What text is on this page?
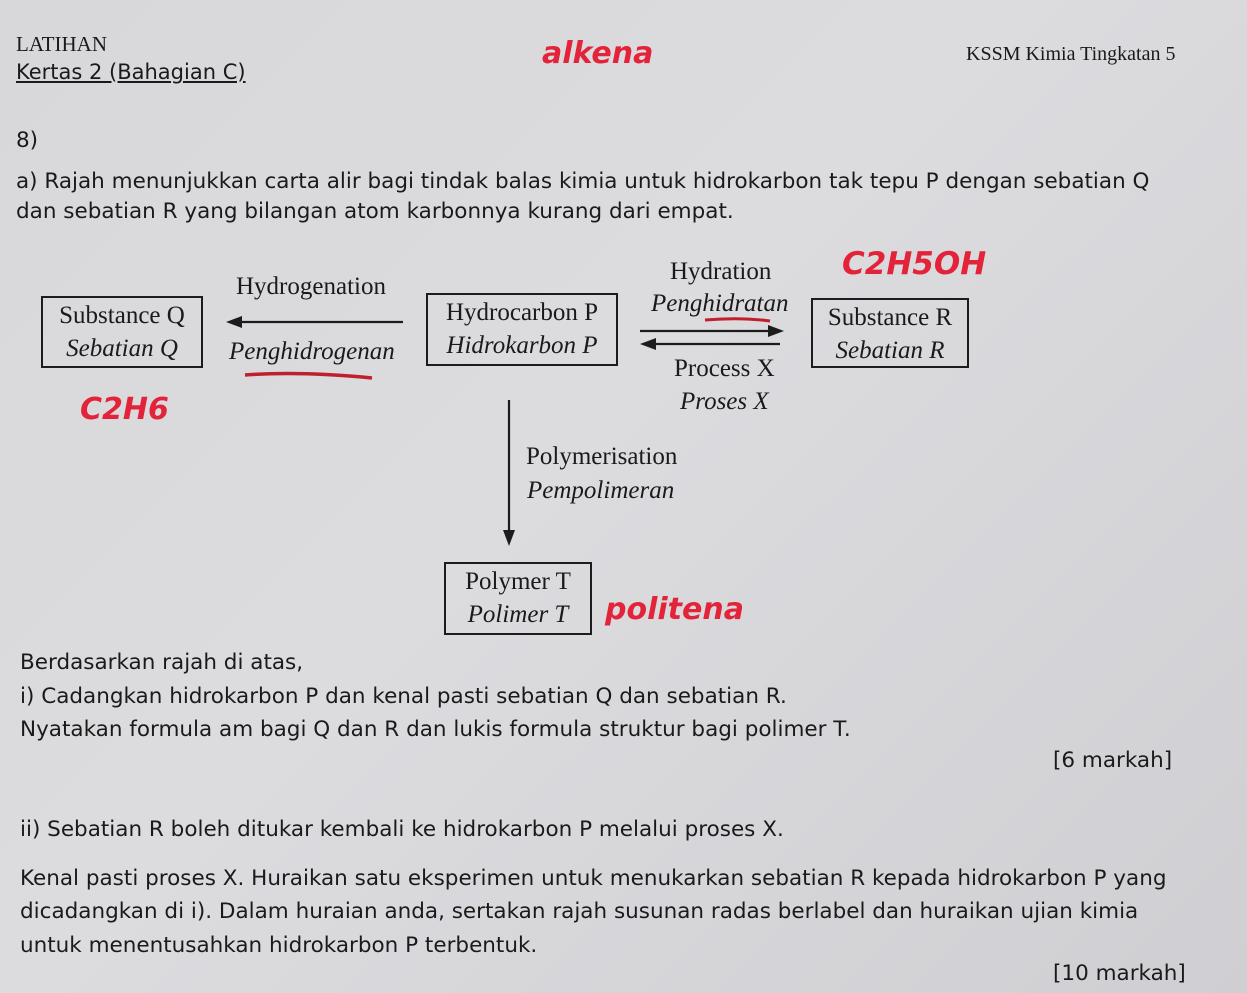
LATIHAN
Kertas 2 (Bahagian C)
KSSM Kimia Tingkatan 5
alkena
8)
a) Rajah menunjukkan carta alir bagi tindak balas kimia untuk hidrokarbon tak tepu P dengan sebatian Q
dan sebatian R yang bilangan atom karbonnya kurang dari empat.
Substance Q
Sebatian Q
Hydrocarbon P
Hidrokarbon P
Substance R
Sebatian R
Polymer T
Polimer T
Hydrogenation
Penghidrogenan
Hydration
Penghidratan
Process X
Proses X
Polymerisation
Pempolimeran
C2H5OH
C2H6
politena
Berdasarkan rajah di atas,
i) Cadangkan hidrokarbon P dan kenal pasti sebatian Q dan sebatian R.
Nyatakan formula am bagi Q dan R dan lukis formula struktur bagi polimer T.
[6 markah]
ii) Sebatian R boleh ditukar kembali ke hidrokarbon P melalui proses X.
Kenal pasti proses X. Huraikan satu eksperimen untuk menukarkan sebatian R kepada hidrokarbon P yang
dicadangkan di i). Dalam huraian anda, sertakan rajah susunan radas berlabel dan huraikan ujian kimia
untuk menentusahkan hidrokarbon P terbentuk.
[10 markah]
